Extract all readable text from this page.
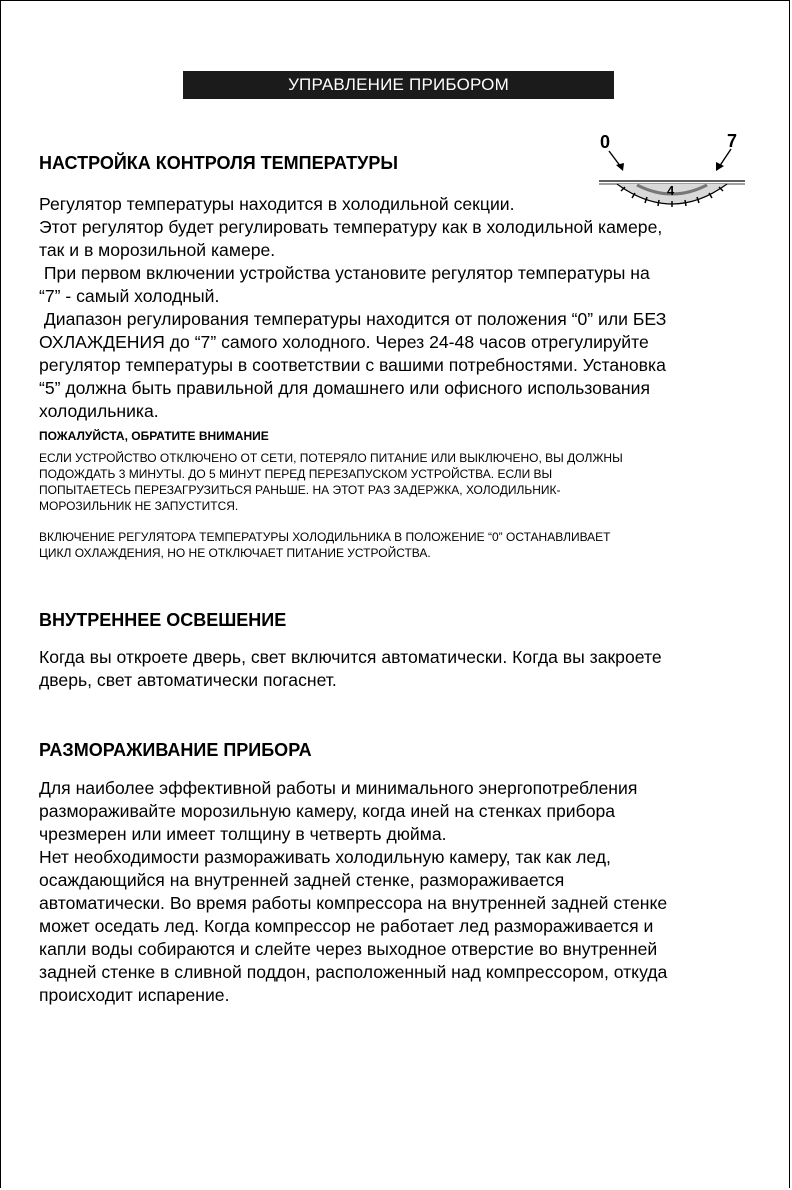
УПРАВЛЕНИЕ ПРИБОРОМ
0	7
4
НАСТРОЙКА КОНТРОЛЯ ТЕМПЕРАТУРЫ
Регулятор температуры находится в холодильной секции.
Этот регулятор будет регулировать температуру как в холодильной камере,
так и в морозильной камере.
При первом включении устройства установите регулятор температуры на
“7” - самый холодный.
Диапазон регулирования температуры находится от положения “0” или БЕЗ
ОХЛАЖДЕНИЯ до “7” самого холодного. Через 24-48 часов отрегулируйте
регулятор температуры в соответствии с вашими потребностями. Установка
“5” должна быть правильной для домашнего или офисного использования
холодильника.
ПОЖАЛУЙСТА, ОБРАТИТЕ ВНИМАНИЕ
ЕСЛИ УСТРОЙСТВО ОТКЛЮЧЕНО ОТ СЕТИ, ПОТЕРЯЛО ПИТАНИЕ ИЛИ ВЫКЛЮЧЕНО, ВЫ ДОЛЖНЫ
ПОДОЖДАТЬ 3 МИНУТЫ. ДО 5 МИНУТ ПЕРЕД ПЕРЕЗАПУСКОМ УСТРОЙСТВА. ЕСЛИ ВЫ
ПОПЫТАЕТЕСЬ ПЕРЕЗАГРУЗИТЬСЯ РАНЬШЕ. НА ЭТОТ РАЗ ЗАДЕРЖКА, ХОЛОДИЛЬНИК-
МОРОЗИЛЬНИК НЕ ЗАПУСТИТСЯ.
ВКЛЮЧЕНИЕ РЕГУЛЯТОРА ТЕМПЕРАТУРЫ ХОЛОДИЛЬНИКА В ПОЛОЖЕНИЕ “0” ОСТАНАВЛИВАЕТ
ЦИКЛ ОХЛАЖДЕНИЯ, НО НЕ ОТКЛЮЧАЕТ ПИТАНИЕ УСТРОЙСТВА.
ВНУТРЕННЕЕ ОСВЕШЕНИЕ
Когда вы откроете дверь, свет включится автоматически. Когда вы закроете
дверь, свет автоматически погаснет.
РАЗМОРАЖИВАНИЕ ПРИБОРА
Для наиболее эффективной работы и минимального энергопотребления
размораживайте морозильную камеру, когда иней на стенках прибора
чрезмерен или имеет толщину в четверть дюйма.
Нет необходимости размораживать холодильную камеру, так как лед,
осаждающийся на внутренней задней стенке, размораживается
автоматически. Во время работы компрессора на внутренней задней стенке
может оседать лед. Когда компрессор не работает лед размораживается и
капли воды собираются и слейте через выходное отверстие во внутренней
задней стенке в сливной поддон, расположенный над компрессором, откуда
происходит испарение.
